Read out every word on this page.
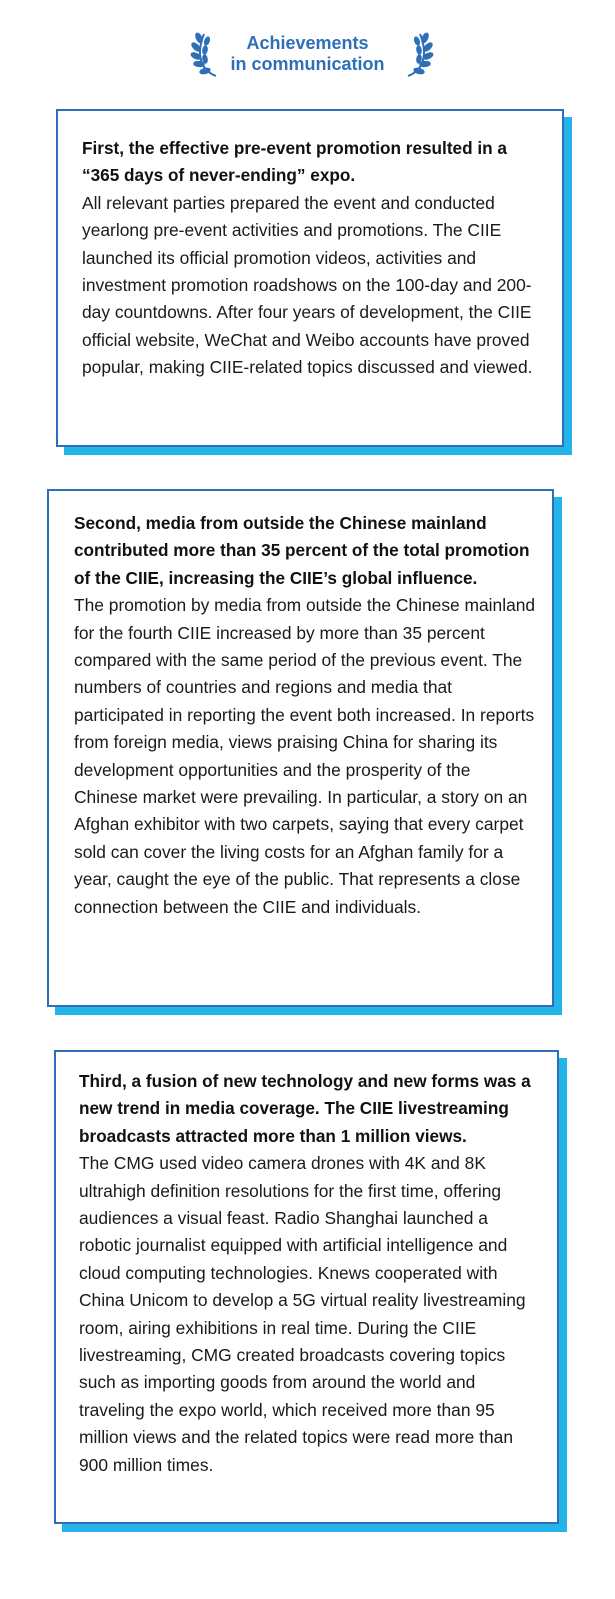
Achievements
in communication

First, the effective pre-event promotion resulted in a “365 days of never-ending” expo.

All relevant parties prepared the event and conducted yearlong pre-event activities and promotions. The CIIE launched its official promotion videos, activities and investment promotion roadshows on the 100-day and 200-day countdowns. After four years of development, the CIIE official website, WeChat and Weibo accounts have proved popular, making CIIE-related topics discussed and viewed.

Second, media from outside the Chinese mainland contributed more than 35 percent of the total promotion of the CIIE, increasing the CIIE’s global influence.

The promotion by media from outside the Chinese mainland for the fourth CIIE increased by more than 35 percent compared with the same period of the previous event. The numbers of countries and regions and media that participated in reporting the event both increased. In reports from foreign media, views praising China for sharing its development opportunities and the prosperity of the Chinese market were prevailing. In particular, a story on an Afghan exhibitor with two carpets, saying that every carpet sold can cover the living costs for an Afghan family for a year, caught the eye of the public. That represents a close connection between the CIIE and individuals.

Third, a fusion of new technology and new forms was a new trend in media coverage. The CIIE livestreaming broadcasts attracted more than 1 million views.

The CMG used video camera drones with 4K and 8K ultrahigh definition resolutions for the first time, offering audiences a visual feast. Radio Shanghai launched a robotic journalist equipped with artificial intelligence and cloud computing technologies. Knews cooperated with China Unicom to develop a 5G virtual reality livestreaming room, airing exhibitions in real time. During the CIIE livestreaming, CMG created broadcasts covering topics such as importing goods from around the world and traveling the expo world, which received more than 95 million views and the related topics were read more than 900 million times.
